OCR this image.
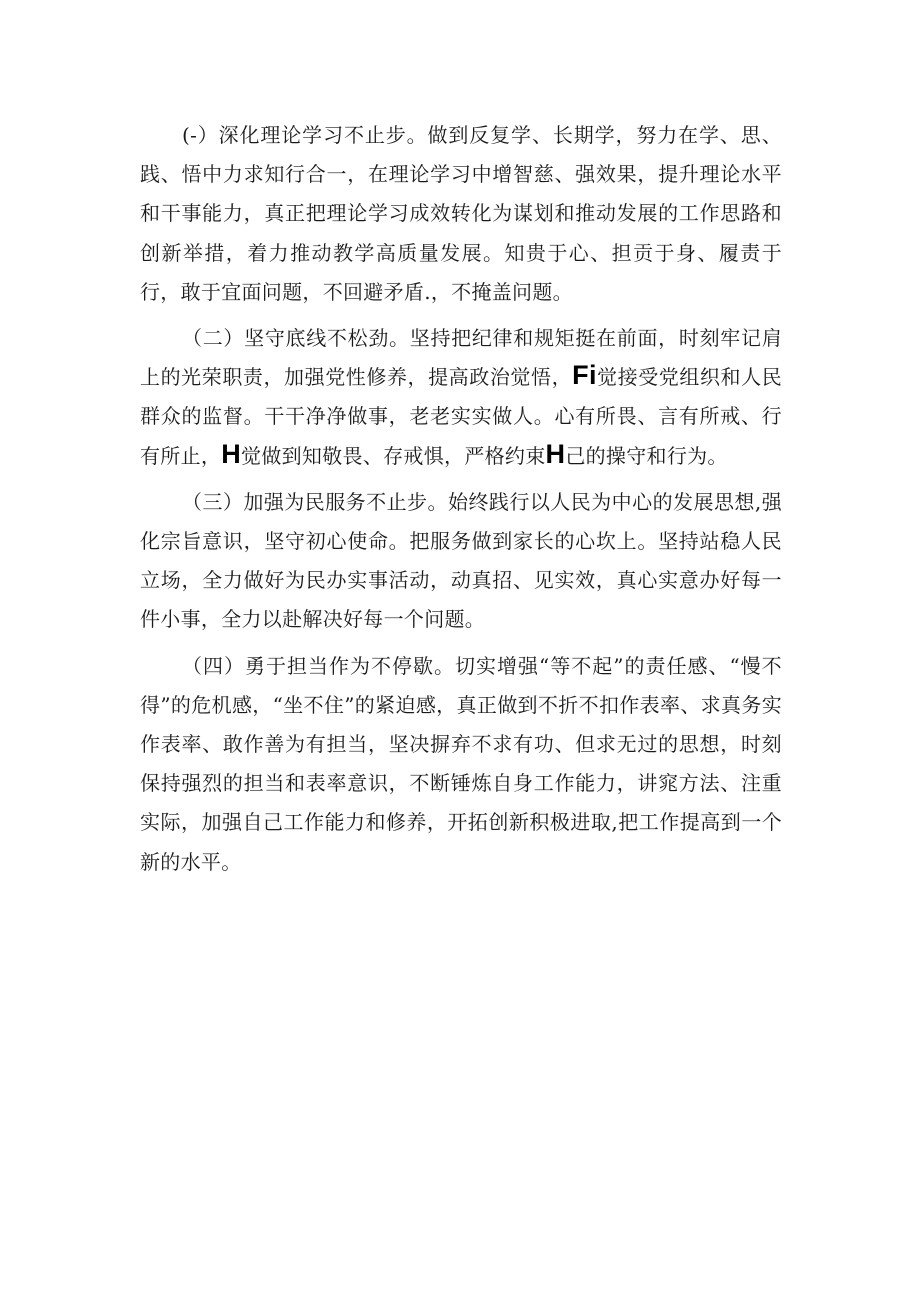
(-）深化理论学习不止步。做到反复学、长期学，努力在学、思、践、悟中力求知行合一，在理论学习中增智慈、强效果，提升理论水平和干事能力，真正把理论学习成效转化为谋划和推动发展的工作思路和创新举措，着力推动教学高质量发展。知贵于心、担贡于身、履责于行，敢于宜面问题，不回避矛盾.，不掩盖问题。

（二）坚守底线不松劲。坚持把纪律和规矩挺在前面，时刻牢记肩上的光荣职责，加强党性修养，提高政治觉悟，Fi觉接受党组织和人民群众的监督。干干净净做事，老老实实做人。心有所畏、言有所戒、行有所止，H觉做到知敬畏、存戒惧，严格约束H己的操守和行为。

（三）加强为民服务不止步。始终践行以人民为中心的发展思想,强化宗旨意识，坚守初心使命。把服务做到家长的心坎上。坚持站稳人民立场，全力做好为民办实事活动，动真招、见实效，真心实意办好每一件小事，全力以赴解决好每一个问题。

（四）勇于担当作为不停歇。切实增强“等不起”的责任感、“慢不得”的危机感，“坐不住”的紧迫感，真正做到不折不扣作表率、求真务实作表率、敢作善为有担当，坚决摒弃不求有功、但求无过的思想，时刻保持强烈的担当和表率意识，不断锤炼自身工作能力，讲窕方法、注重实际，加强自己工作能力和修养，开拓创新积极进取,把工作提高到一个新的水平。
